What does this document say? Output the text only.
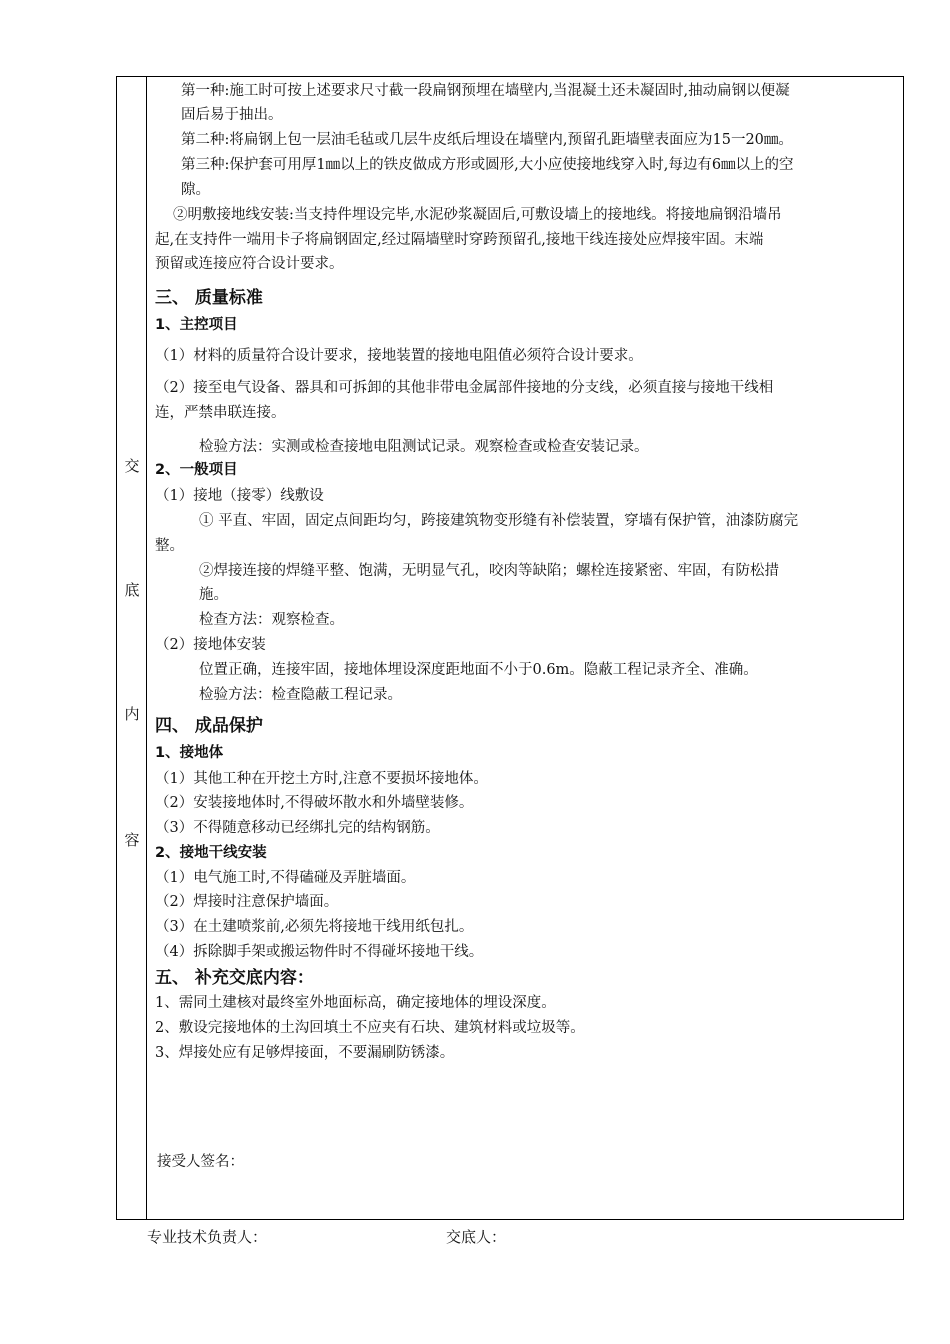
交
底
内
容
第一种:施工时可按上述要求尺寸截一段扁钢预埋在墙壁内,当混凝土还未凝固时,抽动扁钢以便凝
固后易于抽出。
第二种:将扁钢上包一层油毛毡或几层牛皮纸后埋设在墙壁内,预留孔距墙壁表面应为15一20㎜。
第三种:保护套可用厚1㎜以上的铁皮做成方形或圆形,大小应使接地线穿入时,每边有6㎜以上的空
隙。
②明敷接地线安装:当支持件埋设完毕,水泥砂浆凝固后,可敷设墙上的接地线。将接地扁钢沿墙吊
起,在支持件一端用卡子将扁钢固定,经过隔墙壁时穿跨预留孔,接地干线连接处应焊接牢固。末端
预留或连接应符合设计要求。
三、 质量标准
1、主控项目
（1）材料的质量符合设计要求，接地装置的接地电阻值必须符合设计要求。
（2）接至电气设备、器具和可拆卸的其他非带电金属部件接地的分支线，必须直接与接地干线相
连，严禁串联连接。
检验方法：实测或检查接地电阻测试记录。观察检查或检查安装记录。
2、一般项目
（1）接地（接零）线敷设
① 平直、牢固，固定点间距均匀，跨接建筑物变形缝有补偿装置，穿墙有保护管，油漆防腐完
整。
②焊接连接的焊缝平整、饱满，无明显气孔，咬肉等缺陷；螺栓连接紧密、牢固，有防松措
施。
检查方法：观察检查。
（2）接地体安装
位置正确，连接牢固，接地体埋设深度距地面不小于0.6m。隐蔽工程记录齐全、准确。
检验方法：检查隐蔽工程记录。
四、 成品保护
1、接地体
（1）其他工种在开挖土方时,注意不要损坏接地体。
（2）安装接地体时,不得破坏散水和外墙壁装修。
（3）不得随意移动已经绑扎完的结构钢筋。
2、接地干线安装
（1）电气施工时,不得磕碰及弄脏墙面。
（2）焊接时注意保护墙面。
（3）在土建喷浆前,必须先将接地干线用纸包扎。
（4）拆除脚手架或搬运物件时不得碰坏接地干线。
五、 补充交底内容：
1、需同土建核对最终室外地面标高，确定接地体的埋设深度。
2、敷设完接地体的土沟回填土不应夹有石块、建筑材料或垃圾等。
3、焊接处应有足够焊接面，不要漏刷防锈漆。
接受人签名：
专业技术负责人：	交底人：
